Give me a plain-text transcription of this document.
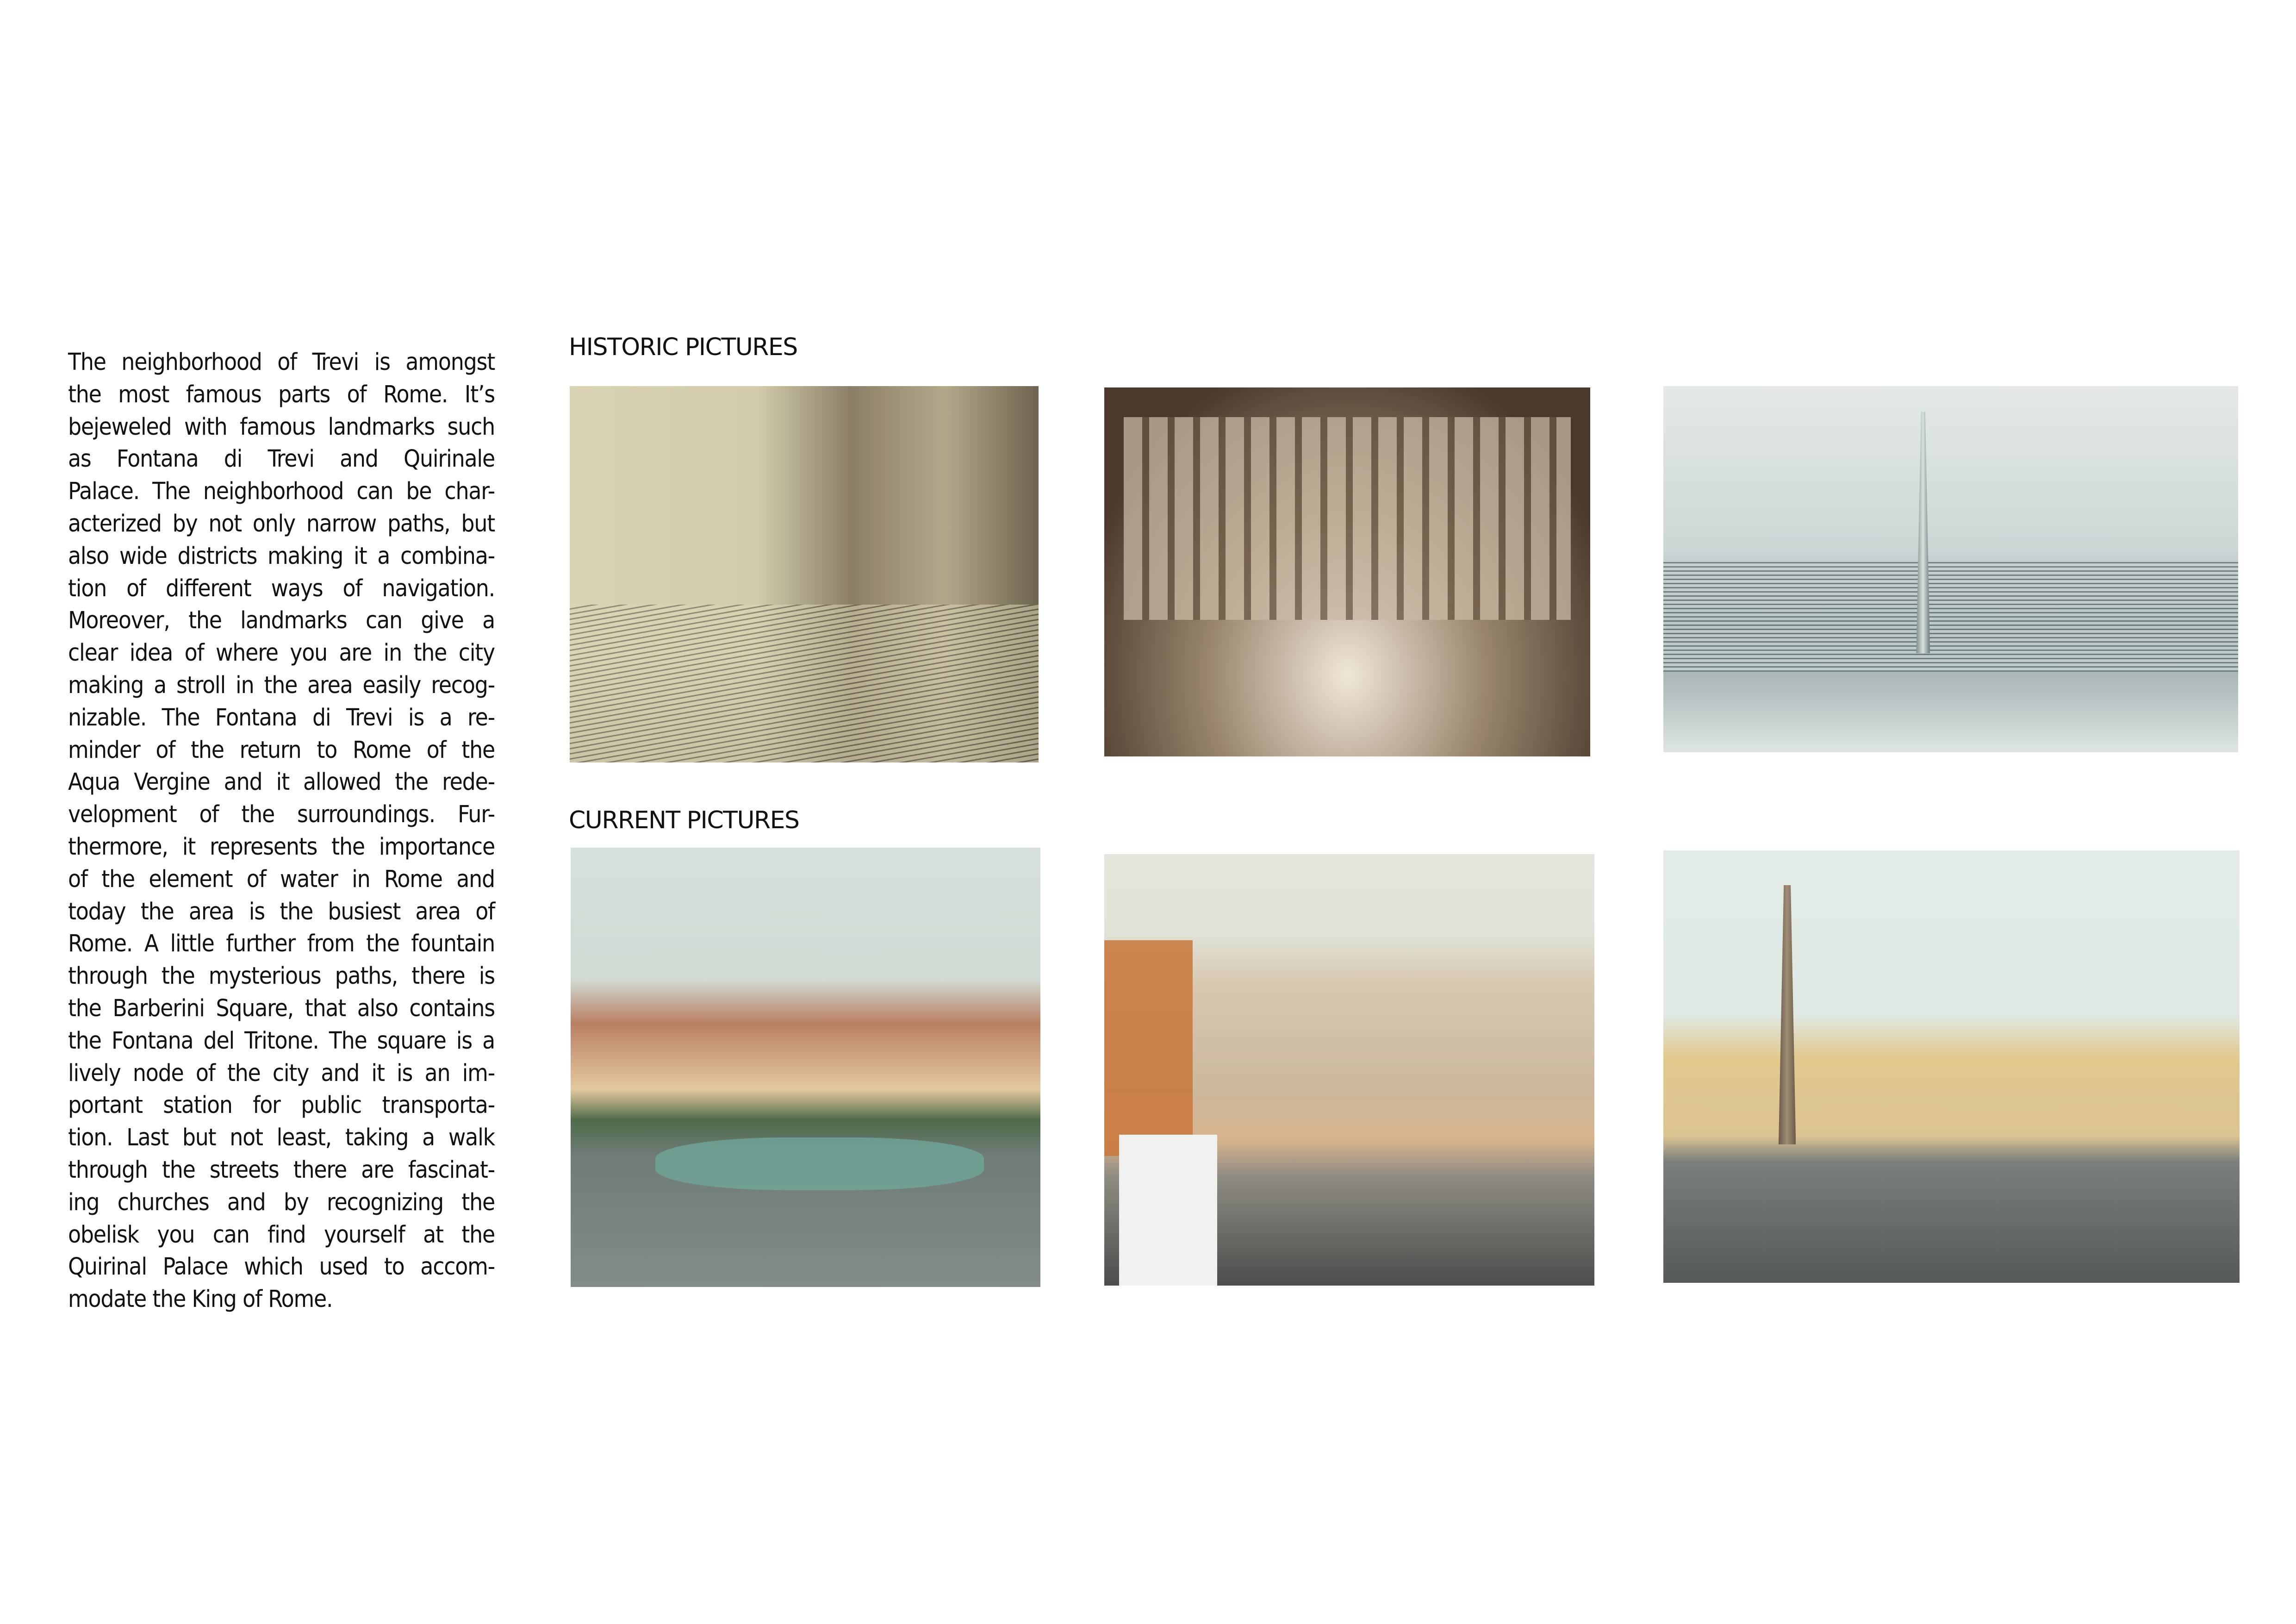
The neighborhood of Trevi is amongst
the most famous parts of Rome. It’s
bejeweled with famous landmarks such
as Fontana di Trevi and Quirinale
Palace. The neighborhood can be char-
acterized by not only narrow paths, but
also wide districts making it a combina-
tion of different ways of navigation.
Moreover, the landmarks can give a
clear idea of where you are in the city
making a stroll in the area easily recog-
nizable. The Fontana di Trevi is a re-
minder of the return to Rome of the
Aqua Vergine and it allowed the rede-
velopment of the surroundings. Fur-
thermore, it represents the importance
of the element of water in Rome and
today the area is the busiest area of
Rome. A little further from the fountain
through the mysterious paths, there is
the Barberini Square, that also contains
the Fontana del Tritone. The square is a
lively node of the city and it is an im-
portant station for public transporta-
tion. Last but not least, taking a walk
through the streets there are fascinat-
ing churches and by recognizing the
obelisk you can find yourself at the
Quirinal Palace which used to accom-
modate the King of Rome.
HISTORIC PICTURES
CURRENT PICTURES
